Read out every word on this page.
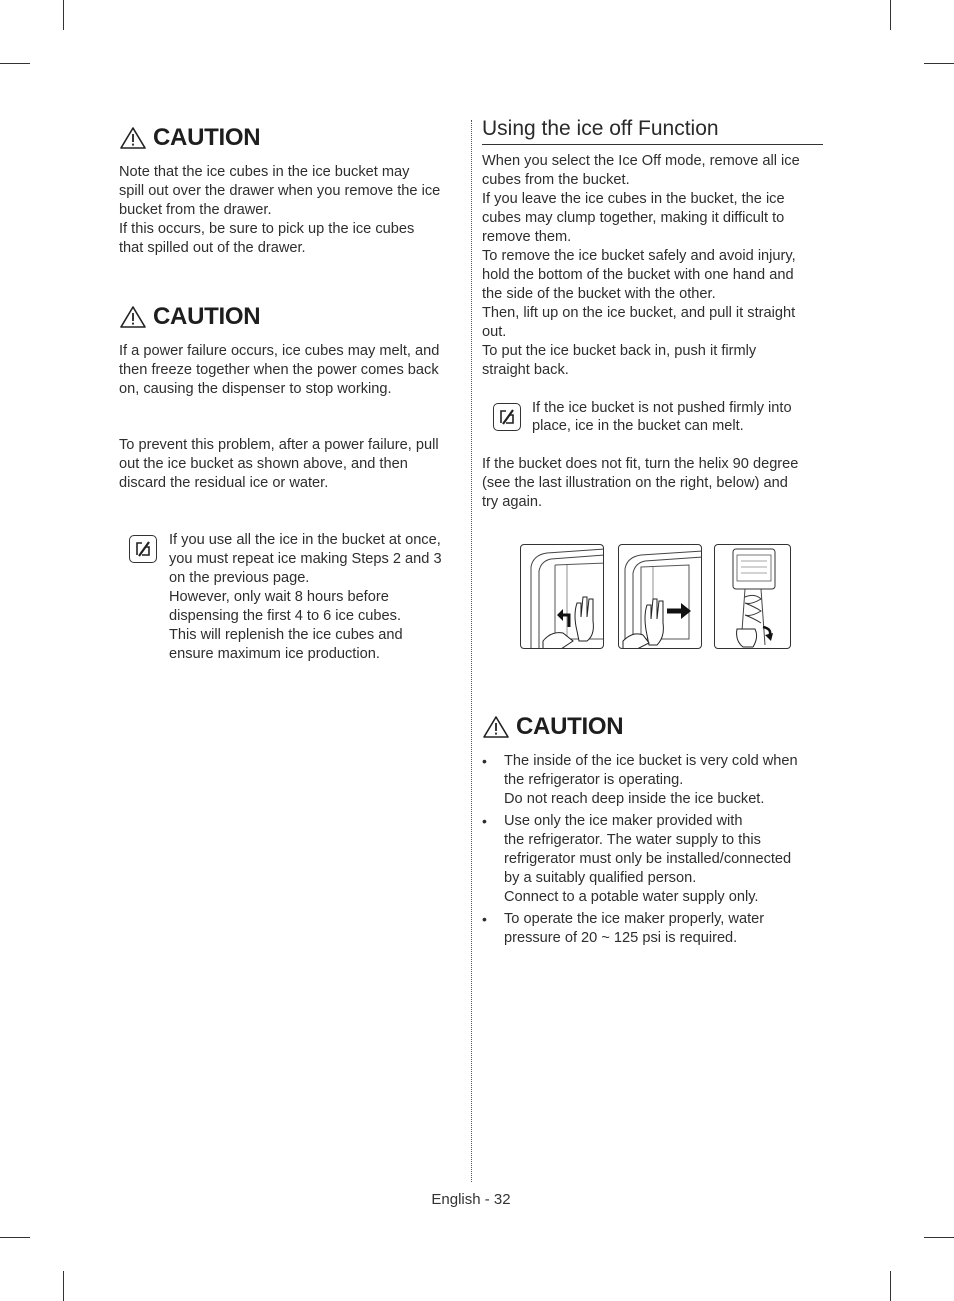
CAUTION
Note that the ice cubes in the ice bucket may
spill out over the drawer when you remove the ice
bucket from the drawer.
If this occurs, be sure to pick up the ice cubes
that spilled out of the drawer.
CAUTION
If a power failure occurs, ice cubes may melt, and
then freeze together when the power comes back
on, causing the dispenser to stop working.
To prevent this problem, after a power failure, pull
out the ice bucket as shown above, and then
discard the residual ice or water.
If you use all the ice in the bucket at once,
you must repeat ice making Steps 2 and 3
on the previous page.
However, only wait 8 hours before
dispensing the first 4 to 6 ice cubes.
This will replenish the ice cubes and
ensure maximum ice production.
Using the ice off Function
When you select the Ice Off mode, remove all ice
cubes from the bucket.
If you leave the ice cubes in the bucket, the ice
cubes may clump together, making it difficult to
remove them.
To remove the ice bucket safely and avoid injury,
hold the bottom of the bucket with one hand and
the side of the bucket with the other.
Then, lift up on the ice bucket, and pull it straight
out.
To put the ice bucket back in, push it firmly
straight back.
If the ice bucket is not pushed firmly into
place, ice in the bucket can melt.
If the bucket does not fit, turn the helix 90 degree
(see the last illustration on the right, below) and
try again.
CAUTION
• The inside of the ice bucket is very cold when
the refrigerator is operating.
Do not reach deep inside the ice bucket.
• Use only the ice maker provided with
the refrigerator. The water supply to this
refrigerator must only be installed/connected
by a suitably qualified person.
Connect to a potable water supply only.
• To operate the ice maker properly, water
pressure of 20 ~ 125 psi is required.
English - 32
